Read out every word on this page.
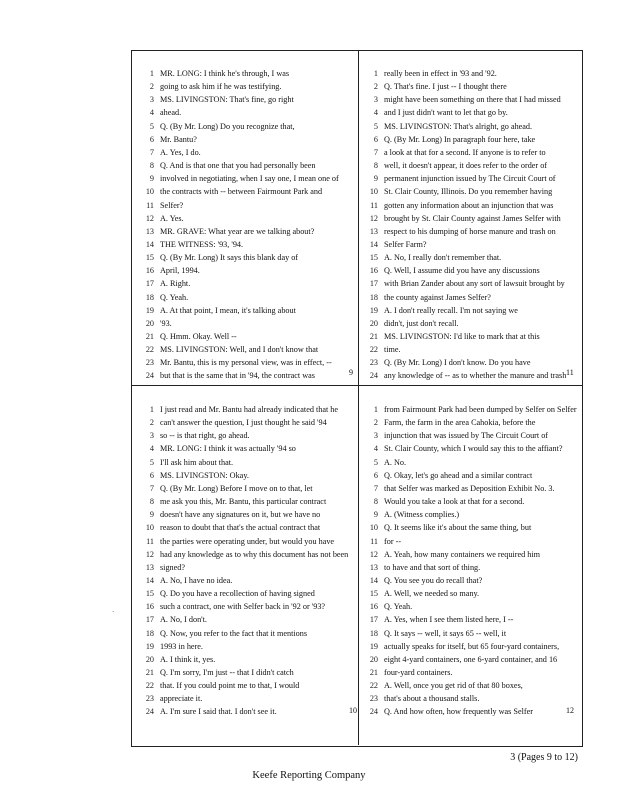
1 MR. LONG: I think he's through, I was
2 going to ask him if he was testifying.
3 MS. LIVINGSTON: That's fine, go right
4 ahead.
5 Q. (By Mr. Long) Do you recognize that,
6 Mr. Bantu?
7 A. Yes, I do.
8 Q. And is that one that you had personally been
9 involved in negotiating, when I say one, I mean one of
10 the contracts with -- between Fairmount Park and
11 Selfer?
12 A. Yes.
13 MR. GRAVE: What year are we talking about?
14 THE WITNESS: '93, '94.
15 Q. (By Mr. Long) It says this blank day of
16 April, 1994.
17 A. Right.
18 Q. Yeah.
19 A. At that point, I mean, it's talking about
20 '93.
21 Q. Hmm. Okay. Well --
22 MS. LIVINGSTON: Well, and I don't know that
23 Mr. Bantu, this is my personal view, was in effect, --
24 but that is the same that in '94, the contract was	9
1 really been in effect in '93 and '92.
2 Q. That's fine. I just -- I thought there
3 might have been something on there that I had missed
4 and I just didn't want to let that go by.
5 MS. LIVINGSTON: That's alright, go ahead.
6 Q. (By Mr. Long) In paragraph four here, take
7 a look at that for a second. If anyone is to refer to
8 well, it doesn't appear, it does refer to the order of
9 permanent injunction issued by The Circuit Court of
10 St. Clair County, Illinois. Do you remember having
11 gotten any information about an injunction that was
12 brought by St. Clair County against James Selfer with
13 respect to his dumping of horse manure and trash on
14 Selfer Farm?
15 A. No, I really don't remember that.
16 Q. Well, I assume did you have any discussions
17 with Brian Zander about any sort of lawsuit brought by
18 the county against James Selfer?
19 A. I don't really recall. I'm not saying we
20 didn't, just don't recall.
21 MS. LIVINGSTON: I'd like to mark that at this
22 time.
23 Q. (By Mr. Long) I don't know. Do you have
24 any knowledge of -- as to whether the manure and trash 11
1 I just read and Mr. Bantu had already indicated that he
2 can't answer the question, I just thought he said '94
3 so -- is that right, go ahead.
4 MR. LONG: I think it was actually '94 so
5 I'll ask him about that.
6 MS. LIVINGSTON: Okay.
7 Q. (By Mr. Long) Before I move on to that, let
8 me ask you this, Mr. Bantu, this particular contract
9 doesn't have any signatures on it, but we have no
10 reason to doubt that that's the actual contract that
11 the parties were operating under, but would you have
12 had any knowledge as to why this document has not been
13 signed?
14 A. No, I have no idea.
15 Q. Do you have a recollection of having signed
16 such a contract, one with Selfer back in '92 or '93?
17 A. No, I don't.
18 Q. Now, you refer to the fact that it mentions
19 1993 in here.
20 A. I think it, yes.
21 Q. I'm sorry, I'm just -- that I didn't catch
22 that. If you could point me to that, I would
23 appreciate it.
24 A. I'm sure I said that. I don't see it.	10
1 from Fairmount Park had been dumped by Selfer on Selfer
2 Farm, the farm in the area Cahokia, before the
3 injunction that was issued by The Circuit Court of
4 St. Clair County, which I would say this to the affiant?
5 A. No.
6 Q. Okay, let's go ahead and a similar contract
7 that Selfer was marked as Deposition Exhibit No. 3.
8 Would you take a look at that for a second.
9 A. (Witness complies.)
10 Q. It seems like it's about the same thing, but
11 for --
12 A. Yeah, how many containers we required him
13 to have and that sort of thing.
14 Q. You see you do recall that?
15 A. Well, we needed so many.
16 Q. Yeah.
17 A. Yes, when I see them listed here, I --
18 Q. It says -- well, it says 65 -- well, it
19 actually speaks for itself, but 65 four-yard containers,
20 eight 4-yard containers, one 6-yard container, and 16
21 four-yard containers.
22 A. Well, once you get rid of that 80 boxes,
23 that's about a thousand stalls.
24 Q. And how often, how frequently was Selfer	12
·
3 (Pages 9 to 12)
Keefe Reporting Company
